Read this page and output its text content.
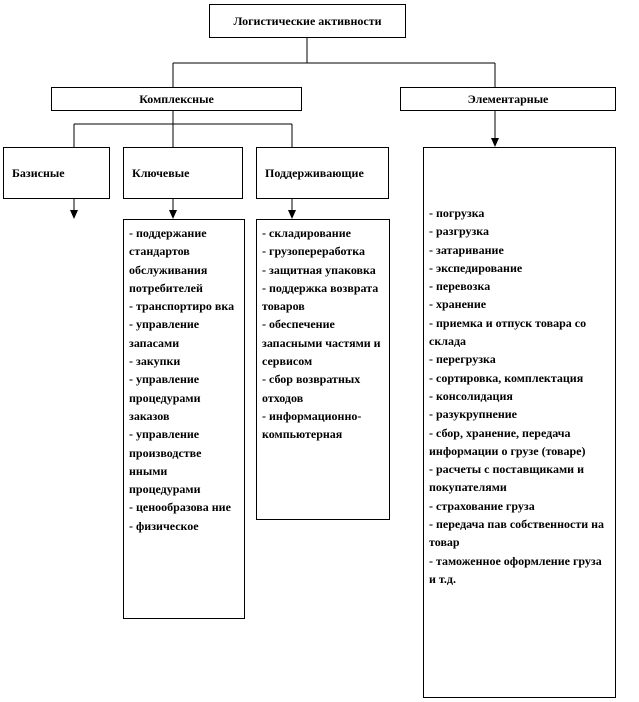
Логистические активности
Комплексные	Элементарные
Базисные	Ключевые	Поддерживающие
- поддержание стандартов обслуживания потребителей
- транспортиро вка
- управление запасами
- закупки
- управление процедурами заказов
- управление производстве нными процедурами
- ценообразова ние
- физическое
- складирование
- грузопереработка
- защитная упаковка
- поддержка возврата товаров
- обеспечение запасными частями и сервисом
- сбор возвратных отходов
- информационно-компьютерная
- погрузка
- разгрузка
- затаривание
- экспедирование
- перевозка
- хранение
- приемка и отпуск товара со склада
- перегрузка
- сортировка, комплектация
- консолидация
- разукрупнение
- сбор, хранение, передача информации о грузе (товаре)
- расчеты с поставщиками и покупателями
- страхование груза
- передача пав собственности на товар
- таможенное оформление груза и т.д.
